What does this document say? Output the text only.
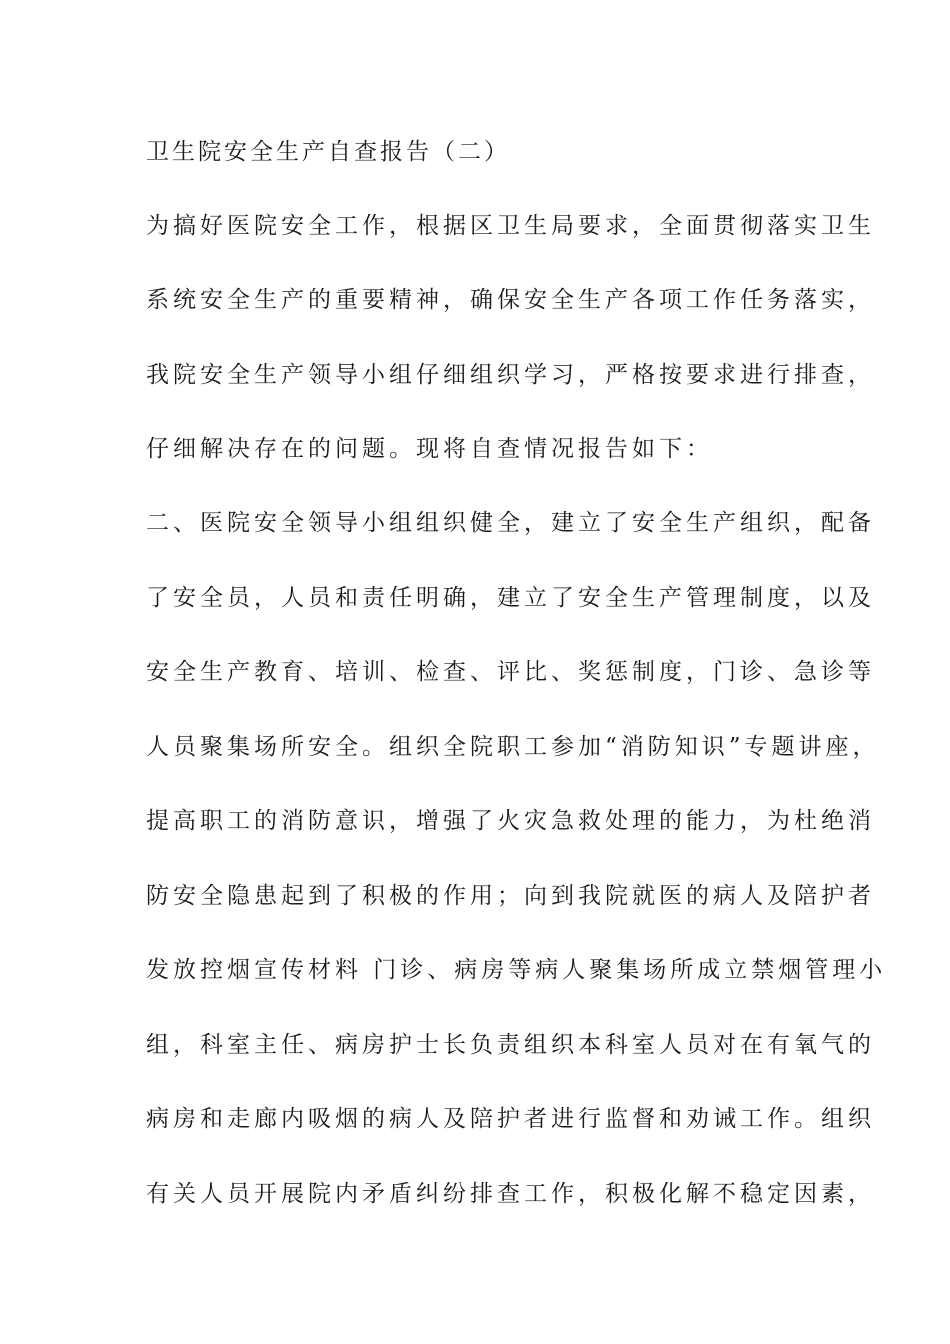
卫生院安全生产自查报告（二）
为搞好医院安全工作，根据区卫生局要求，全面贯彻落实卫生
系统安全生产的重要精神，确保安全生产各项工作任务落实，
我院安全生产领导小组仔细组织学习，严格按要求进行排查，
仔细解决存在的问题。现将自查情况报告如下：
二、医院安全领导小组组织健全，建立了安全生产组织，配备
了安全员，人员和责任明确，建立了安全生产管理制度，以及
安全生产教育、培训、检查、评比、奖惩制度，门诊、急诊等
人员聚集场所安全。组织全院职工参加“消防知识”专题讲座，
提高职工的消防意识，增强了火灾急救处理的能力，为杜绝消
防安全隐患起到了积极的作用；向到我院就医的病人及陪护者
发放控烟宣传材料 门诊、病房等病人聚集场所成立禁烟管理小
组，科室主任、病房护士长负责组织本科室人员对在有氧气的
病房和走廊内吸烟的病人及陪护者进行监督和劝诫工作。组织
有关人员开展院内矛盾纠纷排查工作，积极化解不稳定因素，
